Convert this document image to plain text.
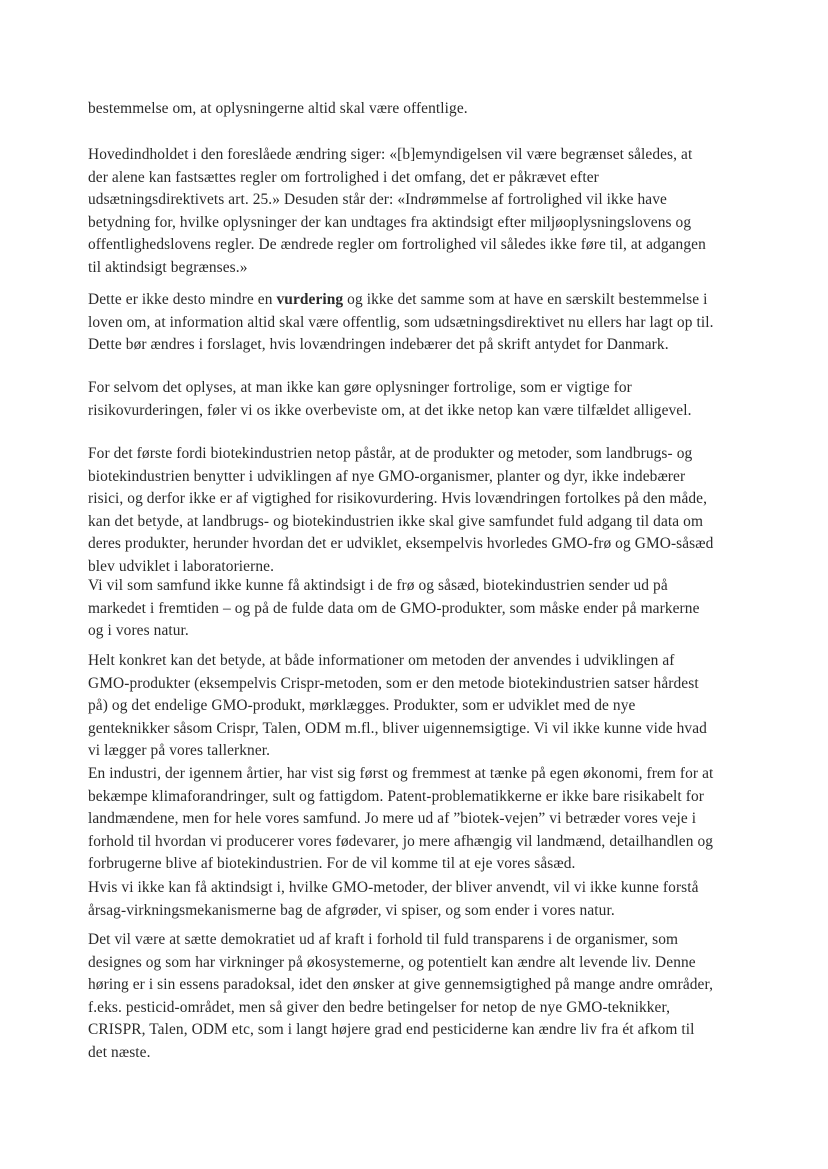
bestemmelse om, at oplysningerne altid skal være offentlige.

Hovedindholdet i den foreslåede ændring siger: «[b]emyndigelsen vil være begrænset således, at
der alene kan fastsættes regler om fortrolighed i det omfang, det er påkrævet efter
udsætningsdirektivets art. 25.» Desuden står der: «Indrømmelse af fortrolighed vil ikke have
betydning for, hvilke oplysninger der kan undtages fra aktindsigt efter miljøoplysningslovens og
offentlighedslovens regler. De ændrede regler om fortrolighed vil således ikke føre til, at adgangen
til aktindsigt begrænses.»

Dette er ikke desto mindre en vurdering og ikke det samme som at have en særskilt bestemmelse i
loven om, at information altid skal være offentlig, som udsætningsdirektivet nu ellers har lagt op til.
Dette bør ændres i forslaget, hvis lovændringen indebærer det på skrift antydet for Danmark.

For selvom det oplyses, at man ikke kan gøre oplysninger fortrolige, som er vigtige for
risikovurderingen, føler vi os ikke overbeviste om, at det ikke netop kan være tilfældet alligevel.

For det første fordi biotekindustrien netop påstår, at de produkter og metoder, som landbrugs- og
biotekindustrien benytter i udviklingen af nye GMO-organismer, planter og dyr, ikke indebærer
risici, og derfor ikke er af vigtighed for risikovurdering. Hvis lovændringen fortolkes på den måde,
kan det betyde, at landbrugs- og biotekindustrien ikke skal give samfundet fuld adgang til data om
deres produkter, herunder hvordan det er udviklet, eksempelvis hvorledes GMO-frø og GMO-såsæd
blev udviklet i laboratorierne.

Vi vil som samfund ikke kunne få aktindsigt i de frø og såsæd, biotekindustrien sender ud på
markedet i fremtiden – og på de fulde data om de GMO-produkter, som måske ender på markerne
og i vores natur.

Helt konkret kan det betyde, at både informationer om metoden der anvendes i udviklingen af
GMO-produkter (eksempelvis Crispr-metoden, som er den metode biotekindustrien satser hårdest
på) og det endelige GMO-produkt, mørklægges. Produkter, som er udviklet med de nye
genteknikker såsom Crispr, Talen, ODM m.fl., bliver uigennemsigtige. Vi vil ikke kunne vide hvad
vi lægger på vores tallerkner.

En industri, der igennem årtier, har vist sig først og fremmest at tænke på egen økonomi, frem for at
bekæmpe klimaforandringer, sult og fattigdom. Patent-problematikkerne er ikke bare risikabelt for
landmændene, men for hele vores samfund. Jo mere ud af ”biotek-vejen” vi betræder vores veje i
forhold til hvordan vi producerer vores fødevarer, jo mere afhængig vil landmænd, detailhandlen og
forbrugerne blive af biotekindustrien. For de vil komme til at eje vores såsæd.

Hvis vi ikke kan få aktindsigt i, hvilke GMO-metoder, der bliver anvendt, vil vi ikke kunne forstå
årsag-virkningsmekanismerne bag de afgrøder, vi spiser, og som ender i vores natur.

Det vil være at sætte demokratiet ud af kraft i forhold til fuld transparens i de organismer, som
designes og som har virkninger på økosystemerne, og potentielt kan ændre alt levende liv. Denne
høring er i sin essens paradoksal, idet den ønsker at give gennemsigtighed på mange andre områder,
f.eks. pesticid-området, men så giver den bedre betingelser for netop de nye GMO-teknikker,
CRISPR, Talen, ODM etc, som i langt højere grad end pesticiderne kan ændre liv fra ét afkom til
det næste.
